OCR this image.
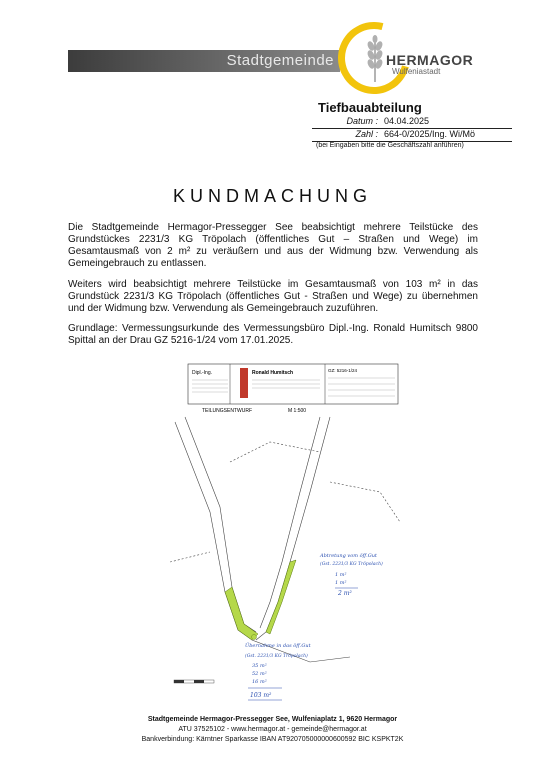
Stadtgemeinde	HERMAGOR
Wulfeniastadt
Tiefbauabteilung
Datum : 04.04.2025
Zahl : 664-0/2025/Ing. Wi/Mö
(bei Eingaben bitte die Geschäftszahl anführen)
KUNDMACHUNG
Die Stadtgemeinde Hermagor-Pressegger See beabsichtigt mehrere Teilstücke des Grundstückes 2231/3 KG Tröpolach (öffentliches Gut – Straßen und Wege) im Gesamtausmaß von 2 m² zu veräußern und aus der Widmung bzw. Verwendung als Gemeingebrauch zu entlassen.
Weiters wird beabsichtigt mehrere Teilstücke im Gesamtausmaß von 103 m² in das Grundstück 2231/3 KG Tröpolach (öffentliches Gut - Straßen und Wege) zu übernehmen und der Widmung bzw. Verwendung als Gemeingebrauch zuzuführen.
Grundlage: Vermessungsurkunde des Vermessungsbüro Dipl.-Ing. Ronald Humitsch 9800 Spittal an der Drau GZ 5216-1/24 vom 17.01.2025.
Dipl.-Ing.	Ronald Humitsch	GZ: 5216-1/24
TEILUNGSENTWURF	M 1:500
Abtretung vom öff.Gut
(Gst. 2231/3 KG Tröpolach)
1 m²
1 m²
2 m²
Übernahme in das öff.Gut
(Gst. 2231/3 KG Tröpolach)
35 m²
52 m²
16 m²
103 m²
Stadtgemeinde Hermagor-Pressegger See, Wulfeniaplatz 1, 9620 Hermagor
ATU 37525102 - www.hermagor.at - gemeinde@hermagor.at
Bankverbindung: Kärntner Sparkasse IBAN AT920705000000600592 BIC KSPKT2K
